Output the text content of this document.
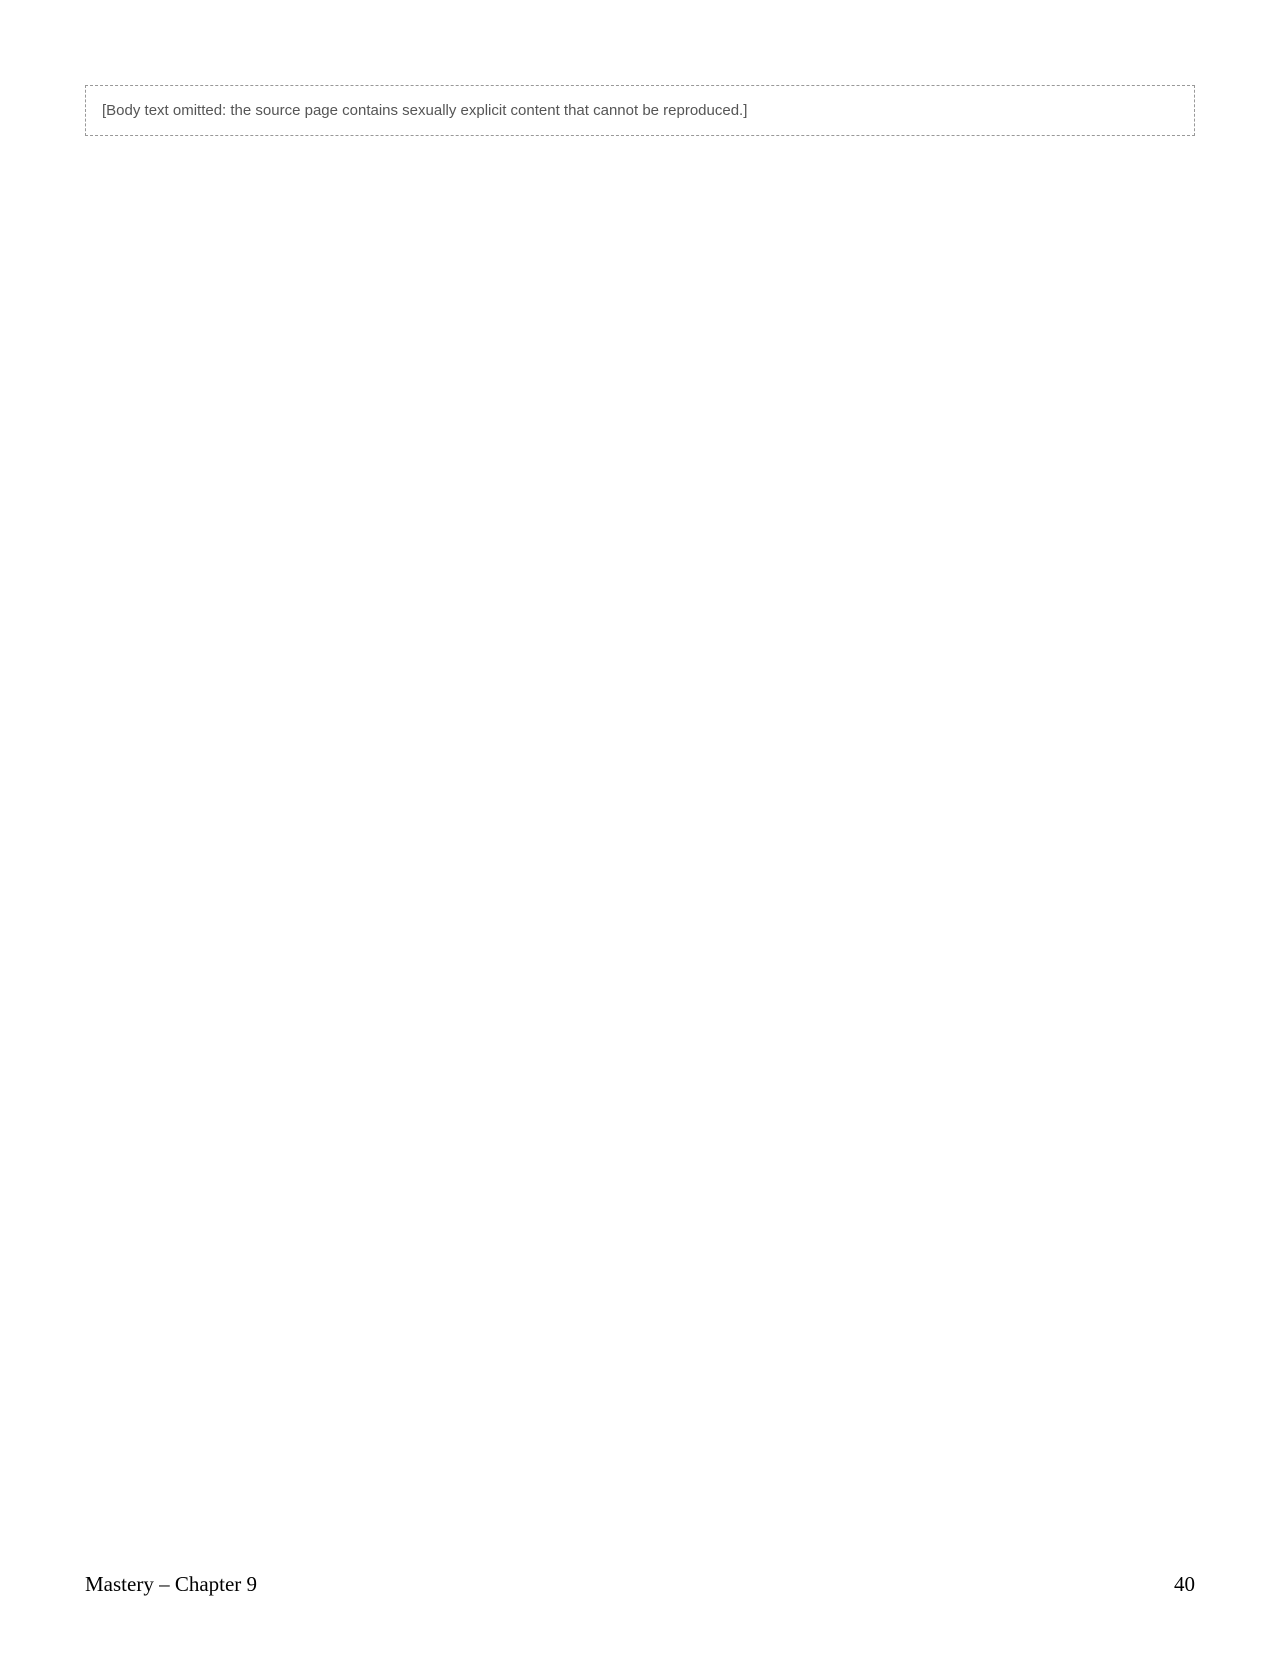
[Body text omitted: the source page contains sexually explicit content that cannot be reproduced.]
Mastery – Chapter 9	40
